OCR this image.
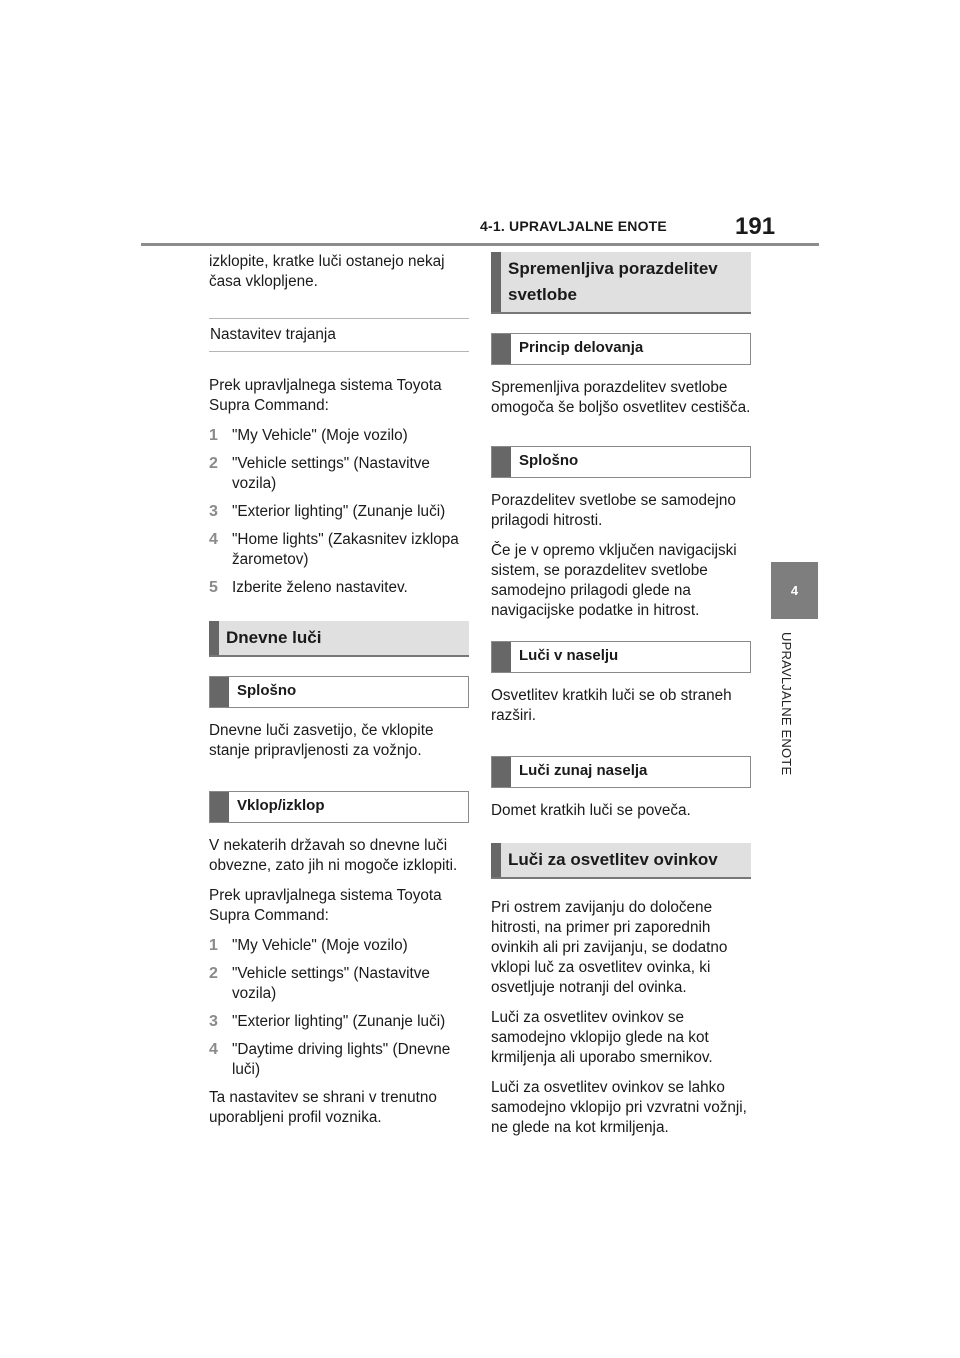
4-1. UPRAVLJALNE ENOTE	191
4
UPRAVLJALNE ENOTE

izklopite, kratke luči ostanejo nekaj časa vklopljene.

Nastavitev trajanja

Prek upravljalnega sistema Toyota Supra Command:

1 "My Vehicle" (Moje vozilo)
2 "Vehicle settings" (Nastavitve vozila)
3 "Exterior lighting" (Zunanje luči)
4 "Home lights" (Zakasnitev izklopa žarometov)
5 Izberite želeno nastavitev.
Dnevne luči
Splošno

Dnevne luči zasvetijo, če vklopite stanje pripravljenosti za vožnjo.

Vklop/izklop

V nekaterih državah so dnevne luči obvezne, zato jih ni mogoče izklopiti.

Prek upravljalnega sistema Toyota Supra Command:

1 "My Vehicle" (Moje vozilo)
2 "Vehicle settings" (Nastavitve vozila)
3 "Exterior lighting" (Zunanje luči)
4 "Daytime driving lights" (Dnevne luči)

Ta nastavitev se shrani v trenutno uporabljeni profil voznika.

Spremenljiva porazdelitev svetlobe
Princip delovanja

Spremenljiva porazdelitev svetlobe omogoča še boljšo osvetlitev cestišča.

Splošno

Porazdelitev svetlobe se samodejno prilagodi hitrosti.

Če je v opremo vključen navigacijski sistem, se porazdelitev svetlobe samodejno prilagodi glede na navigacijske podatke in hitrost.

Luči v naselju

Osvetlitev kratkih luči se ob straneh razširi.

Luči zunaj naselja

Domet kratkih luči se poveča.

Luči za osvetlitev ovinkov

Pri ostrem zavijanju do določene hitrosti, na primer pri zaporednih ovinkih ali pri zavijanju, se dodatno vklopi luč za osvetlitev ovinka, ki osvetljuje notranji del ovinka.

Luči za osvetlitev ovinkov se samodejno vklopijo glede na kot krmiljenja ali uporabo smernikov.

Luči za osvetlitev ovinkov se lahko samodejno vklopijo pri vzvratni vožnji, ne glede na kot krmiljenja.
